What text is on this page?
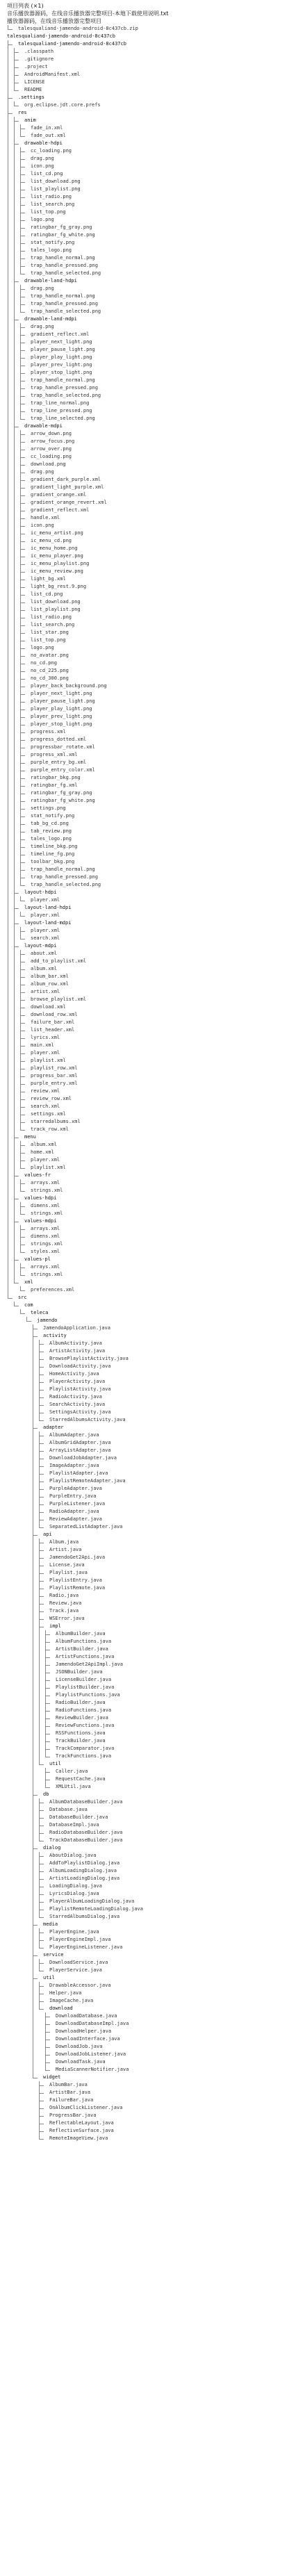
项目列表 (×1)
音乐播放器源码，在线音乐播放器完整项目-本地下载使用说明.txt
播放器源码，在线音乐播放器完整项目
talesqualiand-jamendo-android-8c437cb.zip
talesqualiand-jamendo-android-8c437cb
talesqualiand-jamendo-android-8c437cb
.classpath
.gitignore
.project
AndroidManifest.xml
LICENSE
README
.settings
org.eclipse.jdt.core.prefs
res
anim
fade_in.xml
fade_out.xml
drawable-hdpi
cc_loading.png
drag.png
icon.png
list_cd.png
list_download.png
list_playlist.png
list_radio.png
list_search.png
list_top.png
logo.png
ratingbar_fg_gray.png
ratingbar_fg_white.png
stat_notify.png
tales_logo.png
trap_handle_normal.png
trap_handle_pressed.png
trap_handle_selected.png
drawable-land-hdpi
drag.png
trap_handle_normal.png
trap_handle_pressed.png
trap_handle_selected.png
drawable-land-mdpi
drag.png
gradient_reflect.xml
player_next_light.png
player_pause_light.png
player_play_light.png
player_prev_light.png
player_stop_light.png
trap_handle_normal.png
trap_handle_pressed.png
trap_handle_selected.png
trap_line_normal.png
trap_line_pressed.png
trap_line_selected.png
drawable-mdpi
arrow_down.png
arrow_focus.png
arrow_over.png
cc_loading.png
download.png
drag.png
gradient_dark_purple.xml
gradient_light_purple.xml
gradient_orange.xml
gradient_orange_revert.xml
gradient_reflect.xml
handle.xml
icon.png
ic_menu_artist.png
ic_menu_cd.png
ic_menu_home.png
ic_menu_player.png
ic_menu_playlist.png
ic_menu_review.png
light_bg.xml
light_bg_rest.9.png
list_cd.png
list_download.png
list_playlist.png
list_radio.png
list_search.png
list_star.png
list_top.png
logo.png
no_avatar.png
no_cd.png
no_cd_225.png
no_cd_300.png
player_back_background.png
player_next_light.png
player_pause_light.png
player_play_light.png
player_prev_light.png
player_stop_light.png
progress.xml
progress_dotted.xml
progressbar_rotate.xml
progress_xml.xml
purple_entry_bg.xml
purple_entry_color.xml
ratingbar_bkg.png
ratingbar_fg.xml
ratingbar_fg_gray.png
ratingbar_fg_white.png
settings.png
stat_notify.png
tab_bg_cd.png
tab_review.png
tales_logo.png
timeline_bkg.png
timeline_fg.png
toolbar_bkg.png
trap_handle_normal.png
trap_handle_pressed.png
trap_handle_selected.png
layout-hdpi
player.xml
layout-land-hdpi
player.xml
layout-land-mdpi
player.xml
search.xml
layout-mdpi
about.xml
add_to_playlist.xml
album.xml
album_bar.xml
album_row.xml
artist.xml
browse_playlist.xml
download.xml
download_row.xml
failure_bar.xml
list_header.xml
lyrics.xml
main.xml
player.xml
playlist.xml
playlist_row.xml
progress_bar.xml
purple_entry.xml
review.xml
review_row.xml
search.xml
settings.xml
starredalbums.xml
track_row.xml
menu
album.xml
home.xml
player.xml
playlist.xml
values-fr
arrays.xml
strings.xml
values-hdpi
dimens.xml
strings.xml
values-mdpi
arrays.xml
dimens.xml
strings.xml
styles.xml
values-pl
arrays.xml
strings.xml
xml
preferences.xml
src
com
teleca
jamendo
JamendoApplication.java
activity
AlbumActivity.java
ArtistActivity.java
BrowsePlaylistActivity.java
DownloadActivity.java
HomeActivity.java
PlayerActivity.java
PlaylistActivity.java
RadioActivity.java
SearchActivity.java
SettingsActivity.java
StarredAlbumsActivity.java
adapter
AlbumAdapter.java
AlbumGridAdapter.java
ArrayListAdapter.java
DownloadJobAdapter.java
ImageAdapter.java
PlaylistAdapter.java
PlaylistRemoteAdapter.java
PurpleAdapter.java
PurpleEntry.java
PurpleListener.java
RadioAdapter.java
ReviewAdapter.java
SeparatedListAdapter.java
api
Album.java
Artist.java
JamendoGet2Api.java
License.java
Playlist.java
PlaylistEntry.java
PlaylistRemote.java
Radio.java
Review.java
Track.java
WSError.java
impl
AlbumBuilder.java
AlbumFunctions.java
ArtistBuilder.java
ArtistFunctions.java
JamendoGet2ApiImpl.java
JSONBuilder.java
LicenseBuilder.java
PlaylistBuilder.java
PlaylistFunctions.java
RadioBuilder.java
RadioFunctions.java
ReviewBuilder.java
ReviewFunctions.java
RSSFunctions.java
TrackBuilder.java
TrackComparator.java
TrackFunctions.java
util
Caller.java
RequestCache.java
XMLUtil.java
db
AlbumDatabaseBuilder.java
Database.java
DatabaseBuilder.java
DatabaseImpl.java
RadioDatabaseBuilder.java
TrackDatabaseBuilder.java
dialog
AboutDialog.java
AddToPlaylistDialog.java
AlbumLoadingDialog.java
ArtistLoadingDialog.java
LoadingDialog.java
LyricsDialog.java
PlayerAlbumLoadingDialog.java
PlaylistRemoteLoadingDialog.java
StarredAlbumsDialog.java
media
PlayerEngine.java
PlayerEngineImpl.java
PlayerEngineListener.java
service
DownloadService.java
PlayerService.java
util
DrawableAccessor.java
Helper.java
ImageCache.java
download
DownloadDatabase.java
DownloadDatabaseImpl.java
DownloadHelper.java
DownloadInterface.java
DownloadJob.java
DownloadJobListener.java
DownloadTask.java
MediaScannerNotifier.java
widget
AlbumBar.java
ArtistBar.java
FailureBar.java
OnAlbumClickListener.java
ProgressBar.java
ReflectableLayout.java
ReflectiveSurface.java
RemoteImageView.java
